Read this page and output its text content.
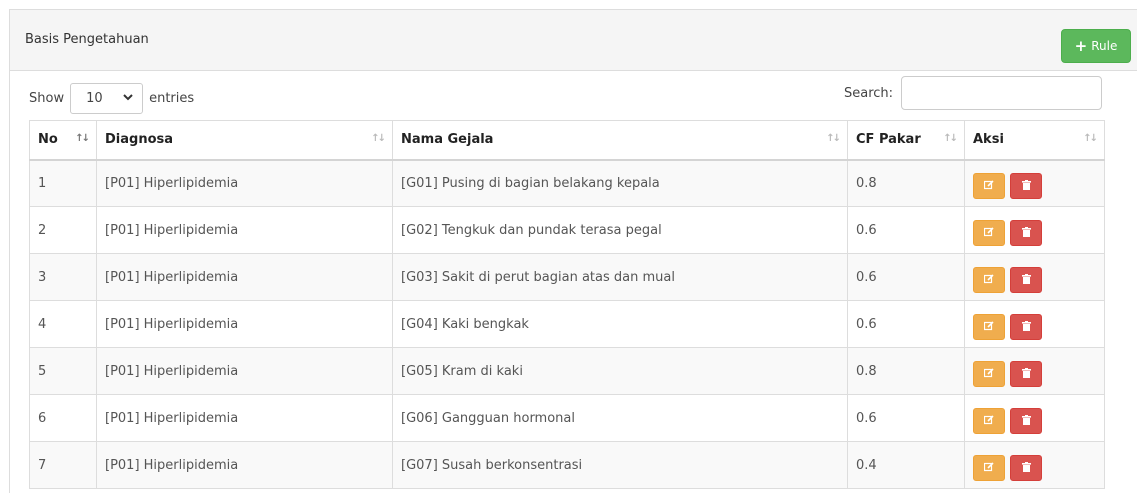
Basis Pengetahuan	+ Rule
Show 10	entries	Search:
No ↑↓	Diagnosa ↑↓	Nama Gejala ↑↓	CF Pakar ↑↓	Aksi ↑↓

1	[P01] Hiperlipidemia	[G01] Pusing di bagian belakang kepala	0.8	

2	[P01] Hiperlipidemia	[G02] Tengkuk dan pundak terasa pegal	0.6	

3	[P01] Hiperlipidemia	[G03] Sakit di perut bagian atas dan mual	0.6	

4	[P01] Hiperlipidemia	[G04] Kaki bengkak	0.6	

5	[P01] Hiperlipidemia	[G05] Kram di kaki	0.8	

6	[P01] Hiperlipidemia	[G06] Gangguan hormonal	0.6	

7	[P01] Hiperlipidemia	[G07] Susah berkonsentrasi	0.4	
